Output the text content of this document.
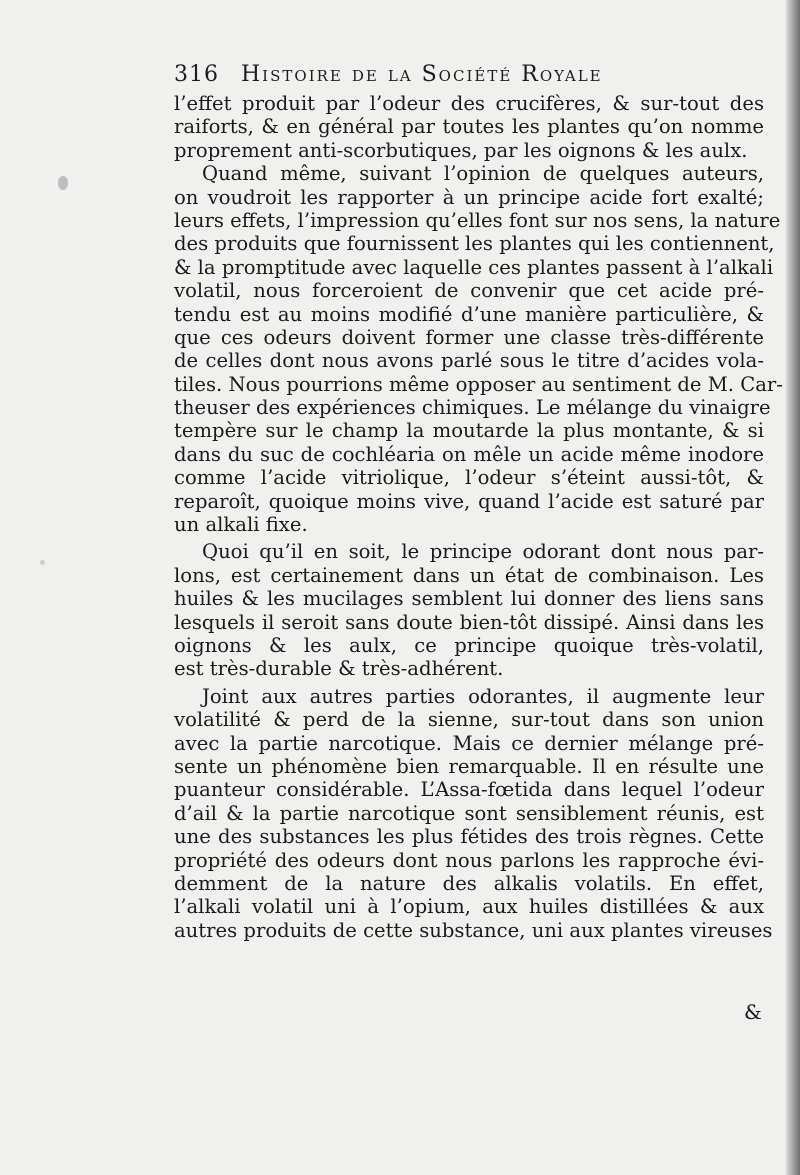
316 Histoire de la Société Royale
l’effet produit par l’odeur des crucifères, & sur-tout des
raiforts, & en général par toutes les plantes qu’on nomme
proprement anti-scorbutiques, par les oignons & les aulx.
Quand même, suivant l’opinion de quelques auteurs,
on voudroit les rapporter à un principe acide fort exalté;
leurs effets, l’impression qu’elles font sur nos sens, la nature
des produits que fournissent les plantes qui les contiennent,
& la promptitude avec laquelle ces plantes passent à l’alkali
volatil, nous forceroient de convenir que cet acide pré-
tendu est au moins modifié d’une manière particulière, &
que ces odeurs doivent former une classe très-différente
de celles dont nous avons parlé sous le titre d’acides vola-
tiles. Nous pourrions même opposer au sentiment de M. Car-
theuser des expériences chimiques. Le mélange du vinaigre
tempère sur le champ la moutarde la plus montante, & si
dans du suc de cochléaria on mêle un acide même inodore
comme l’acide vitriolique, l’odeur s’éteint aussi-tôt, &
reparoît, quoique moins vive, quand l’acide est saturé par
un alkali fixe.
Quoi qu’il en soit, le principe odorant dont nous par-
lons, est certainement dans un état de combinaison. Les
huiles & les mucilages semblent lui donner des liens sans
lesquels il seroit sans doute bien-tôt dissipé. Ainsi dans les
oignons & les aulx, ce principe quoique très-volatil,
est très-durable & très-adhérent.
Joint aux autres parties odorantes, il augmente leur
volatilité & perd de la sienne, sur-tout dans son union
avec la partie narcotique. Mais ce dernier mélange pré-
sente un phénomène bien remarquable. Il en résulte une
puanteur considérable. L’Assa-fœtida dans lequel l’odeur
d’ail & la partie narcotique sont sensiblement réunis, est
une des substances les plus fétides des trois règnes. Cette
propriété des odeurs dont nous parlons les rapproche évi-
demment de la nature des alkalis volatils. En effet,
l’alkali volatil uni à l’opium, aux huiles distillées & aux
autres produits de cette substance, uni aux plantes vireuses
&
